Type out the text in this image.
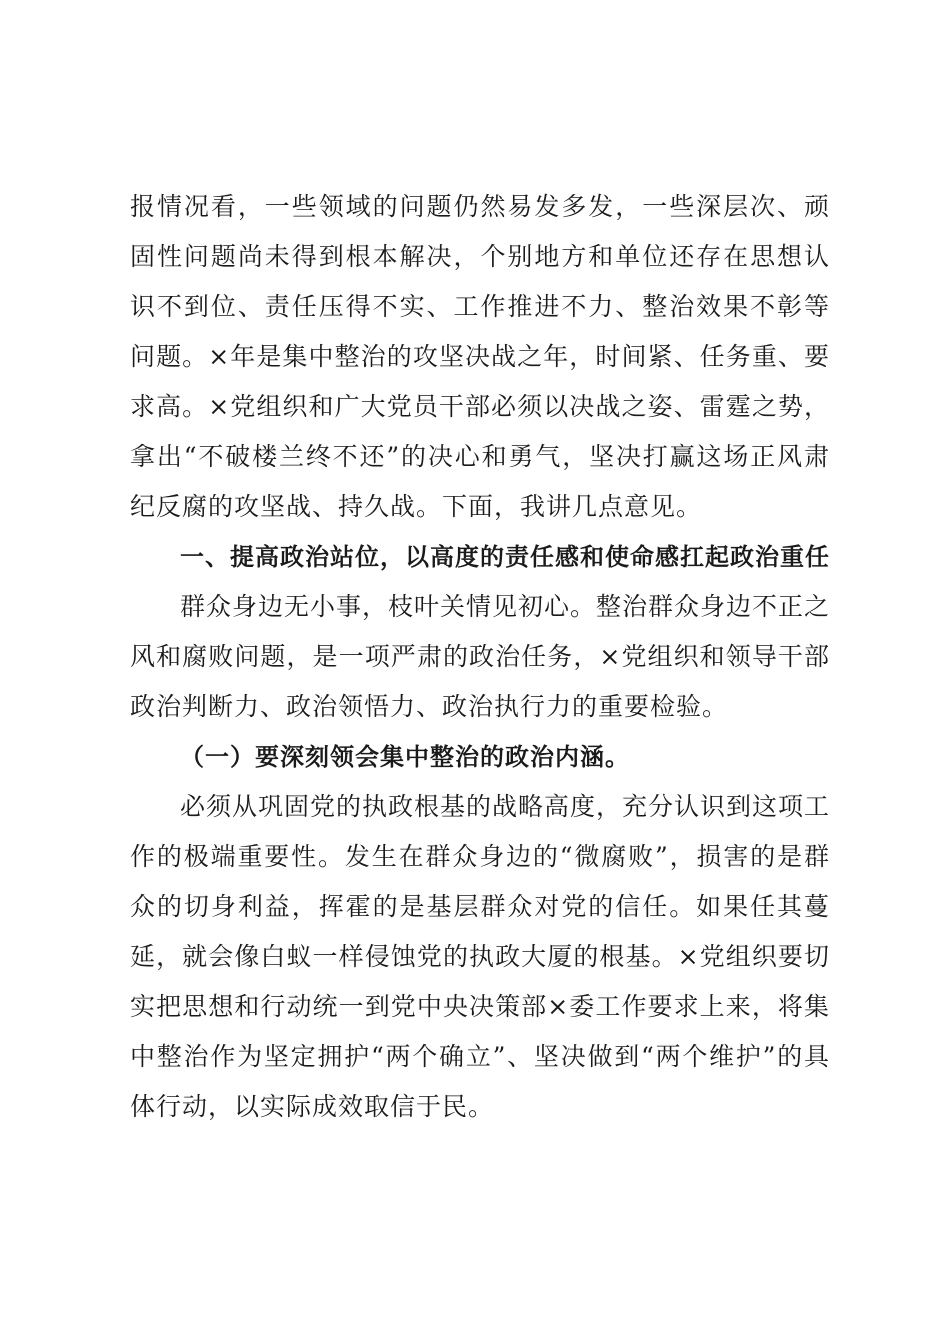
报情况看，一些领域的问题仍然易发多发，一些深层次、顽固性问题尚未得到根本解决，个别地方和单位还存在思想认识不到位、责任压得不实、工作推进不力、整治效果不彰等问题。×年是集中整治的攻坚决战之年，时间紧、任务重、要求高。×党组织和广大党员干部必须以决战之姿、雷霆之势，拿出“不破楼兰终不还”的决心和勇气，坚决打赢这场正风肃纪反腐的攻坚战、持久战。下面，我讲几点意见。

一、提高政治站位，以高度的责任感和使命感扛起政治重任

群众身边无小事，枝叶关情见初心。整治群众身边不正之风和腐败问题，是一项严肃的政治任务，×党组织和领导干部政治判断力、政治领悟力、政治执行力的重要检验。

（一）要深刻领会集中整治的政治内涵。

必须从巩固党的执政根基的战略高度，充分认识到这项工作的极端重要性。发生在群众身边的“微腐败”，损害的是群众的切身利益，挥霍的是基层群众对党的信任。如果任其蔓延，就会像白蚁一样侵蚀党的执政大厦的根基。×党组织要切实把思想和行动统一到党中央决策部×委工作要求上来，将集中整治作为坚定拥护“两个确立”、坚决做到“两个维护”的具体行动，以实际成效取信于民。
